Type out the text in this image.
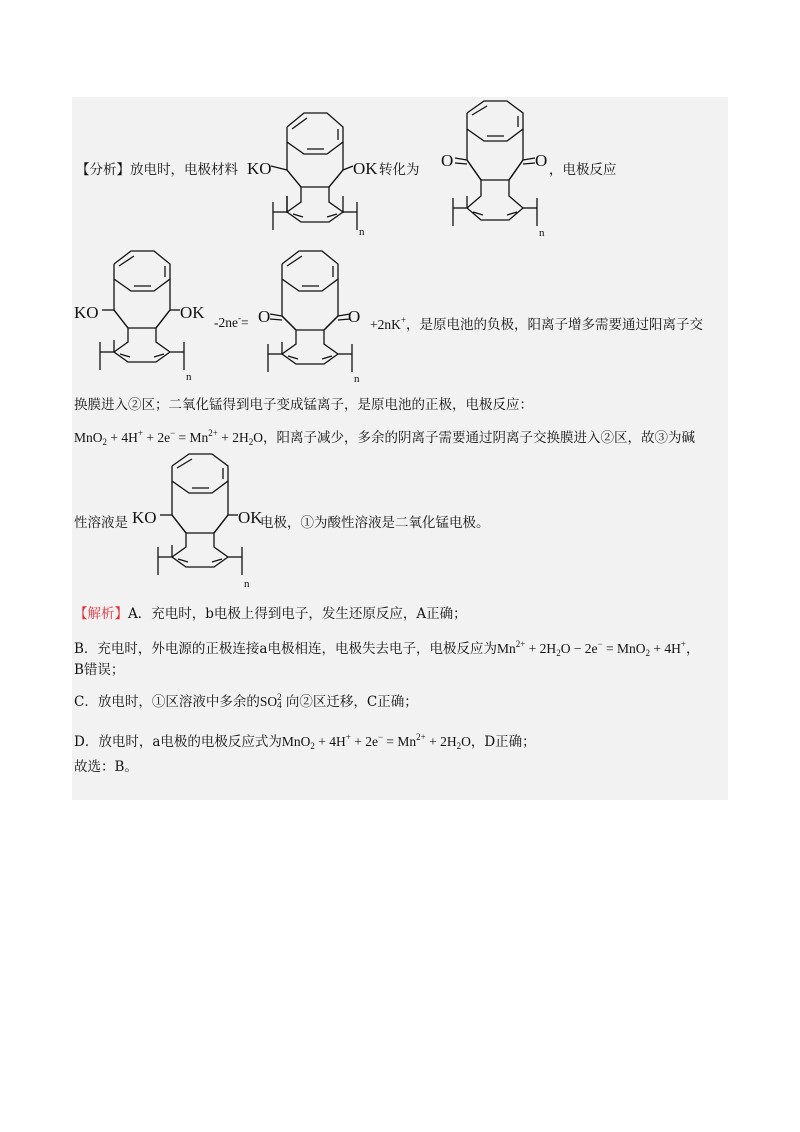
【分析】放电时，电极材料 KO	OK
n
转化为 O	O
n
，电极反应
KO	OK
n
-2ne-= O	O
n
+2nK+，是原电池的负极，阳离子增多需要通过阳离子交
换膜进入②区；二氧化锰得到电子变成锰离子，是原电池的正极，电极反应：
$MnO_2 + 4H^+ + 2e^- = Mn^{2+} + 2H_2O$，阳离子减少，多余的阴离子需要通过阴离子交换膜进入②区，故③为碱
性溶液是 KO	OK
n
电极，①为酸性溶液是二氧化锰电极。
【解析】A．充电时，b电极上得到电子，发生还原反应，A正确；
B．充电时，外电源的正极连接a电极相连，电极失去电子，电极反应为$Mn^{2+} + 2H_2O - 2e^- = MnO_2 + 4H^+$，
B错误；
C．放电时，①区溶液中多余的SO 2
4 向②区迁移，C正确；
D．放电时，a电极的电极反应式为$MnO_2 + 4H^+ + 2e^- = Mn^{2+} + 2H_2O$，D正确；
故选：B。
